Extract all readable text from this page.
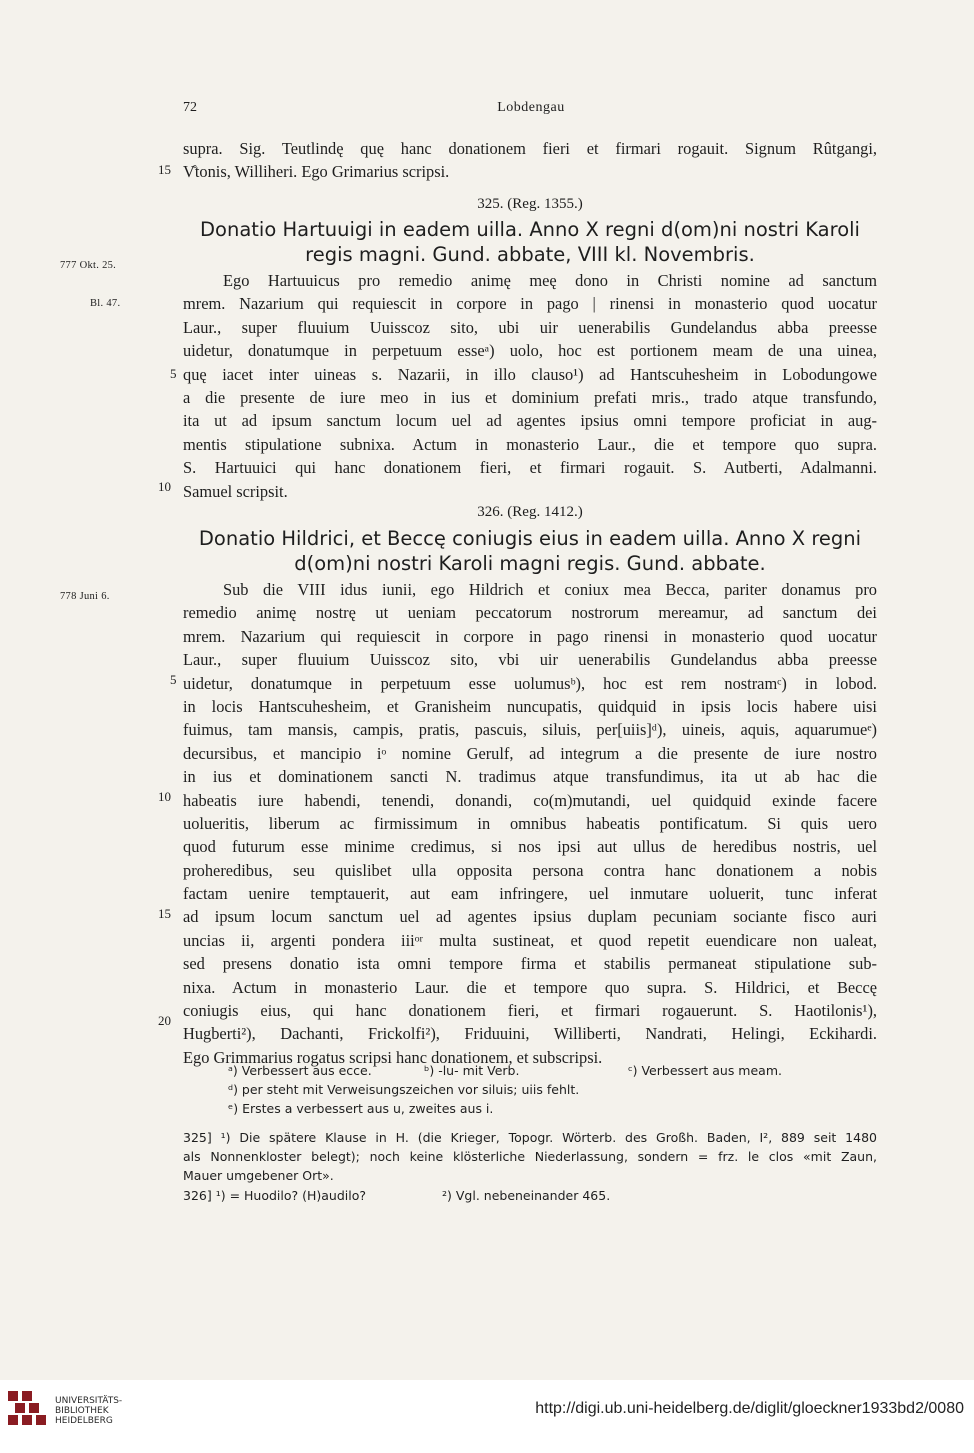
72	Lobdengau
supra. Sig. Teutlindę quę hanc donationem fieri et firmari rogauit. Signum Rûtgangi,
V̊tonis, Williheri. Ego Grimarius scripsi.
15
325. (Reg. 1355.)
Donatio Hartuuigi in eadem uilla. Anno X regni d(om)ni nostri Karoli
regis magni. Gund. abbate, VIII kl. Novembris.
777 Okt. 25.
Bl. 47.
Ego Hartuuicus pro remedio animę meę dono in Christi nomine ad sanctum
mrem. Nazarium qui requiescit in corpore in pago | rinensi in monasterio quod uocatur
Laur., super fluuium Uuisscoz sito, ubi uir uenerabilis Gundelandus abba preesse
uidetur, donatumque in perpetuum esseᵃ) uolo, hoc est portionem meam de una uinea,
quę iacet inter uineas s. Nazarii, in illo clauso¹) ad Hantscuhesheim in Lobodungowe
a die presente de iure meo in ius et dominium prefati mris., trado atque transfundo,
ita ut ad ipsum sanctum locum uel ad agentes ipsius omni tempore proficiat in aug-
mentis stipulatione subnixa. Actum in monasterio Laur., die et tempore quo supra.
S. Hartuuici qui hanc donationem fieri, et firmari rogauit. S. Autberti, Adalmanni.
Samuel scripsit.
5
10
326. (Reg. 1412.)
Donatio Hildrici, et Beccę coniugis eius in eadem uilla. Anno X regni
d(om)ni nostri Karoli magni regis. Gund. abbate.
778 Juni 6.	Sub die VIII idus iunii, ego Hildrich et coniux mea Becca, pariter donamus pro
remedio animę nostrę ut ueniam peccatorum nostrorum mereamur, ad sanctum dei
mrem. Nazarium qui requiescit in corpore in pago rinensi in monasterio quod uocatur
Laur., super fluuium Uuisscoz sito, vbi uir uenerabilis Gundelandus abba preesse
uidetur, donatumque in perpetuum esse uolumusᵇ), hoc est rem nostramᶜ) in lobod.
in locis Hantscuhesheim, et Granisheim nuncupatis, quidquid in ipsis locis habere uisi
fuimus, tam mansis, campis, pratis, pascuis, siluis, per[uiis]ᵈ), uineis, aquis, aquarumueᵉ)
decursibus, et mancipio iᵒ nomine Gerulf, ad integrum a die presente de iure nostro
in ius et dominationem sancti N. tradimus atque transfundimus, ita ut ab hac die
habeatis iure habendi, tenendi, donandi, co(m)mutandi, uel quidquid exinde facere
uolueritis, liberum ac firmissimum in omnibus habeatis pontificatum. Si quis uero
quod futurum esse minime credimus, si nos ipsi aut ullus de heredibus nostris, uel
proheredibus, seu quislibet ulla opposita persona contra hanc donationem a nobis
factam uenire temptauerit, aut eam infringere, uel inmutare uoluerit, tunc inferat
ad ipsum locum sanctum uel ad agentes ipsius duplam pecuniam sociante fisco auri
uncias ii, argenti pondera iiiᵒʳ multa sustineat, et quod repetit euendicare non ualeat,
sed presens donatio ista omni tempore firma et stabilis permaneat stipulatione sub-
nixa. Actum in monasterio Laur. die et tempore quo supra. S. Hildrici, et Beccę
coniugis eius, qui hanc donationem fieri, et firmari rogauerunt. S. Haotilonis¹),
Hugberti²), Dachanti, Frickolfi²), Friduuini, Williberti, Nandrati, Helingi, Eckihardi.
Ego Grimmarius rogatus scripsi hanc donationem, et subscripsi.
5
10
15
20
ᵃ) Verbessert aus ecce.	ᵇ) -lu- mit Verb.	ᶜ) Verbessert aus meam.
ᵈ) per steht mit Verweisungszeichen vor siluis; uiis fehlt.
ᵉ) Erstes a verbessert aus u, zweites aus i.
325] ¹) Die spätere Klause in H. (die Krieger, Topogr. Wörterb. des Großh. Baden, I², 889 seit 1480
als Nonnenkloster belegt); noch keine klösterliche Niederlassung, sondern = frz. le clos «mit Zaun,
Mauer umgebener Ort».
326] ¹) = Huodilo? (H)audilo?	²) Vgl. nebeneinander 465.
UNIVERSITÄTS-
BIBLIOTHEK
HEIDELBERG
http://digi.ub.uni-heidelberg.de/diglit/gloeckner1933bd2/0080
